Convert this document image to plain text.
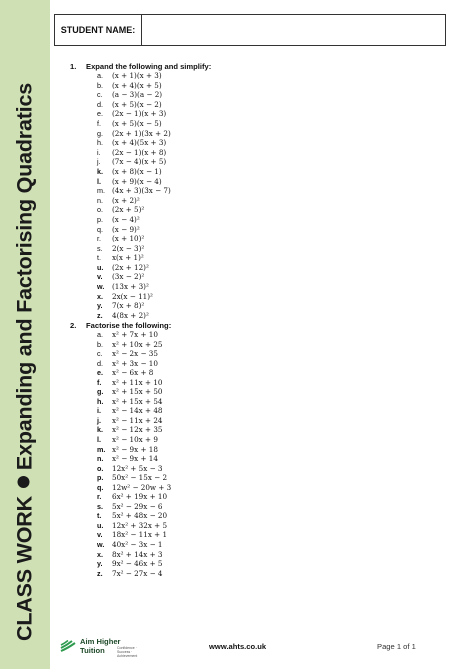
CLASS WORKExpanding and Factorising Quadratics
STUDENT NAME:
1. Expand the following and simplify:
a. (x + 1)(x + 3)
b. (x + 4)(x + 5)
c. (a − 3)(a − 2)
d. (x + 5)(x − 2)
e. (2x − 1)(x + 3)
f. (x + 5)(x − 5)
g. (2x + 1)(3x + 2)
h. (x + 4)(5x + 3)
i. (2x − 1)(x + 8)
j. (7x − 4)(x + 5)
k. (x + 8)(x − 1)
l. (x + 9)(x − 4)
m. (4x + 3)(3x − 7)
n. (x + 2)²
o. (2x + 5)²
p. (x − 4)²
q. (x − 9)²
r. (x + 10)²
s. 2(x − 3)²
t. x(x + 1)²
u. (2x + 12)²
v. (3x − 2)²
w. (13x + 3)²
x. 2x(x − 11)²
y. 7(x + 8)²
z. 4(8x + 2)²
2. Factorise the following:
a. x² + 7x + 10
b. x² + 10x + 25
c. x² − 2x − 35
d. x² + 3x − 10
e. x² − 6x + 8
f. x² + 11x + 10
g. x² + 15x + 50
h. x² + 15x + 54
i. x² − 14x + 48
j. x² − 11x + 24
k. x² − 12x + 35
l. x² − 10x + 9
m. x² − 9x + 18
n. x² − 9x + 14
o. 12x² + 5x − 3
p. 50x² − 15x − 2
q. 12w² − 20w + 3
r. 6x² + 19x + 10
s. 5x² − 29x − 6
t. 5x² + 48x − 20
u. 12x² + 32x + 5
v. 18x² − 11x + 1
w. 40x² − 3x − 1
x. 8x² + 14x + 3
y. 9x² − 46x + 5
z. 7x² − 27x − 4
Aim Higher
Tuition	Confidence · Success · Achievement
www.ahts.co.uk	Page 1 of 1
